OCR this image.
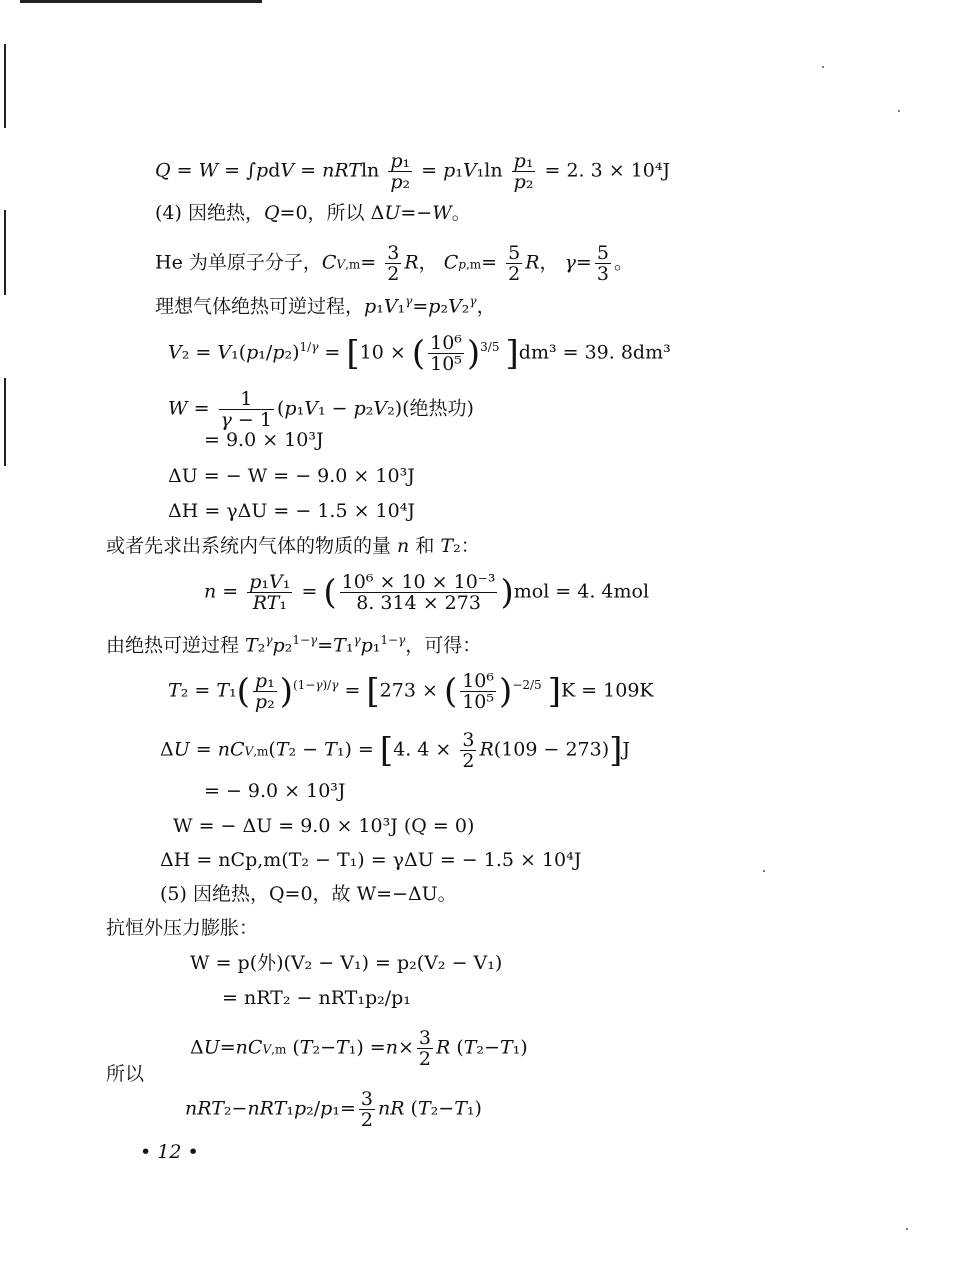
Q = W = ∫pdV = nRTln $\frac{\text{p₁}}{\text{p₂}} = p_1V_1\ln \frac{\text{p₁}}{\text{p₂}} = 2$. 3 × 10⁴J
(4) 因绝热，Q=0，所以 ΔU=−W。
He 为单原子分子，$CV,m= \frac{3}{2}$ R， $Cp,m= \frac{5}{2}$ R， $\gamma= \frac{5}{3}$ 。
理想气体绝热可逆过程，p₁V₁$^\gamma$=p₂V₂$^\gamma$，
$V_2 = V_1(p_1/p_2)^{1/\gamma} = [10$ × ( $\frac{\text{10⁶}}{\text{10⁵}} )^{3/5}$ ]dm³ = 39. 8dm³
$W = \frac{1}{\gamma - 1} (p_1V_1 - p_2V_2)$(绝热功)
= 9.0 × 10³J
ΔU = − W = − 9.0 × 10³J
ΔH = γΔU = − 1.5 × 10⁴J
或者先求出系统内气体的物质的量 n 和 T₂：
$n = \frac{\text{p₁V₁}}{\text{RT₁}}$ = ( $\frac{\text{10⁶ × 10 × 10⁻³}}{8. 314 \times 273} )mol = 4$. 4mol
由绝热可逆过程 T₂$^\gamma$p₂$^{1-\gamma}$=T₁$^\gamma$p₁$^{1-\gamma}$，可得：
$T_2 = T_1( \frac{\text{p₁}}{\text{p₂}} )^{(1-\gamma)/\gamma} = [273$ × ( $\frac{\text{10⁶}}{\text{10⁵}} )^{-2/5}$ ]K = 109K
ΔU = nCV,m(T₂ − T₁) = [4. $4 \times \frac{3}{2} R(109 - 273)]J$
= − 9.0 × 10³J
W = − ΔU = 9.0 × 10³J (Q = 0)
ΔH = nCp,m(T₂ − T₁) = γΔU = − 1.5 × 10⁴J
(5) 因绝热，Q=0，故 W=−ΔU。
抗恒外压力膨胀：
W = p(外)(V₂ − V₁) = p₂(V₂ − V₁)
= nRT₂ − nRT₁p₂/p₁
ΔU=nCV,m $(T_2-T_1) =n\times \frac{3}{2}$ R (T₂−T₁)
所以
$nRT_2-nRT_1p_2/p_1= \frac{3}{2}$ nR (T₂−T₁)
• 12 •
